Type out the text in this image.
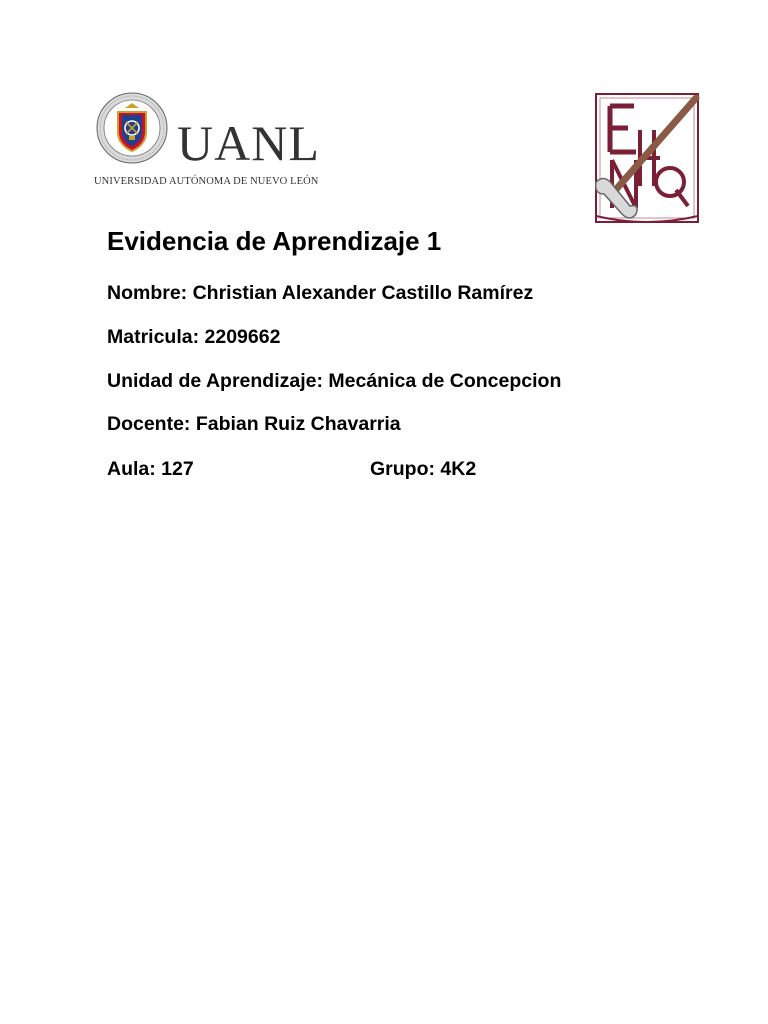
UANL
UNIVERSIDAD AUTÓNOMA DE NUEVO LEÓN
Evidencia de Aprendizaje 1

Nombre: Christian Alexander Castillo Ramírez

Matricula: 2209662

Unidad de Aprendizaje: Mecánica de Concepcion

Docente: Fabian Ruiz Chavarria

Aula: 127	Grupo: 4K2
